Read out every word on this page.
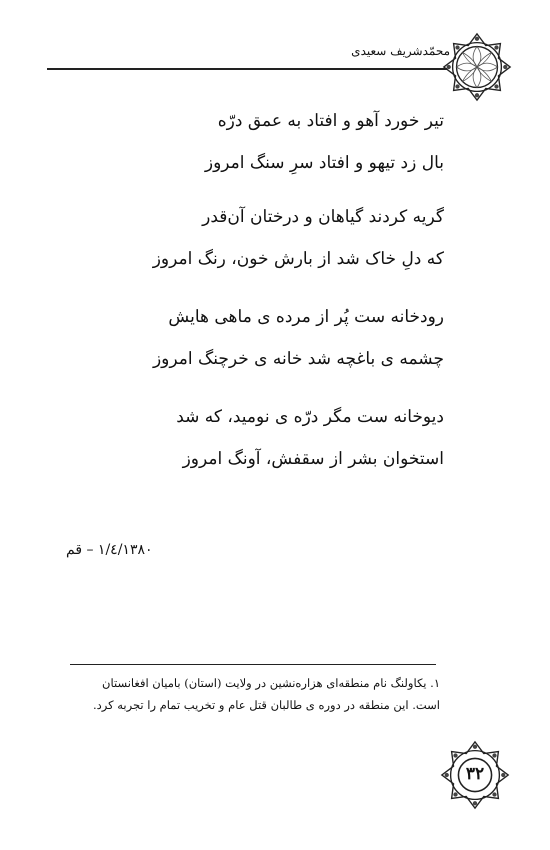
محمّدشریف سعیدی
تیر خورد آهو و افتاد به عمق درّه
بال زد تیهو و افتاد سرِ سنگ امروز
گریه کردند گیاهان و درختان آن‌قدر
که دلِ خاک شد از بارش خون، رنگ امروز
رودخانه ست پُر از مرده ی ماهی هایش
چشمه ی باغچه شد خانه ی خرچنگ امروز
دیوخانه ست مگر درّه ی نومید، که شد
استخوان بشر از سقفش، آونگ امروز
۱۳۸۰/٤/۱ – قم
۱. یکاولنگ نام منطقه‌ای هزاره‌نشین در ولایت (استان) بامیان افغانستان
است. این منطقه در دوره ی طالبان قتل عام و تخریب تمام را تجربه کرد.
۳۲
